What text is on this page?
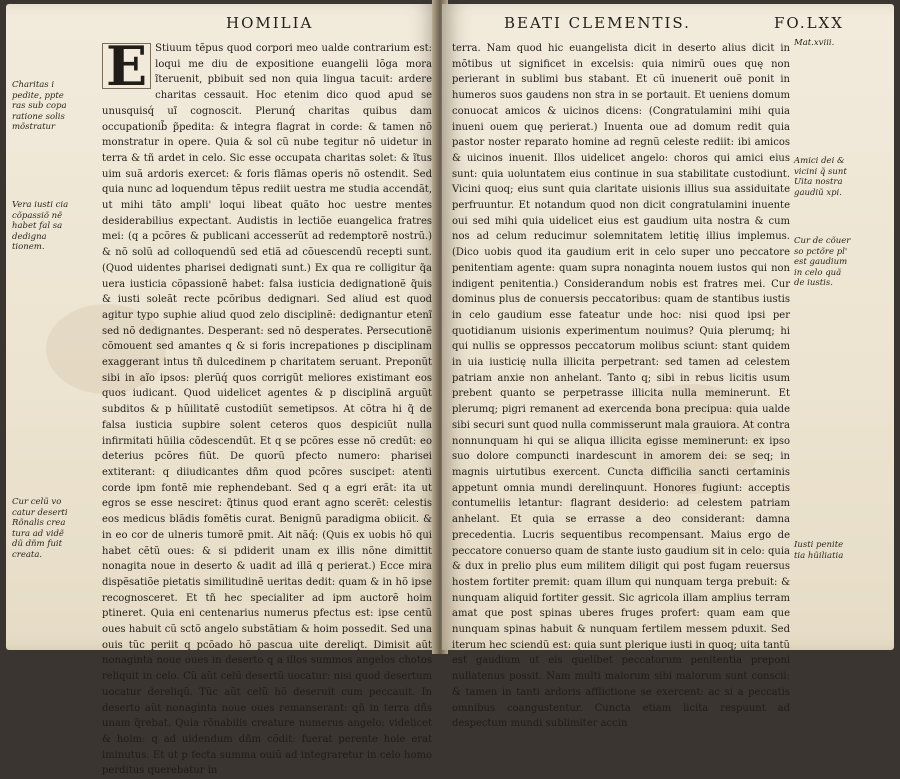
HOMILIA
Charitas i pedite, ppte ras sub copa ratione solis mõstratur
Vera iusti cia cõpassiõ nẽ habet fal sa dedigna tionem.
Cur celũ vo catur deserti Rõnalis crea tura ad vidẽ dũ dñm fuit creata.
E Stiuum tẽpus quod corpori meo ualde contrarium est: loqui me diu de expositione euangelii lõga mora ĩteruenit, pbibuit sed non quia lingua tacuit: ardere charitas cessauit. Hoc etenim dico quod apud se unusquisq́ uĩ cognoscit. Plerunq́ charitas quibus dam occupationib̃ p̃pedita: & integra flagrat in corde: & tamen nõ monstratur in opere. Quia & sol cũ nube tegitur nõ uidetur in terra & tñ ardet in celo. Sic esse occupata charitas solet: & ĩtus uim suã ardoris exercet: & foris flãmas operis nõ ostendit. Sed quia nunc ad loquendum tẽpus rediit uestra me studia accendãt, ut mihi tãto ampli' loqui libeat quãto hoc uestre mentes desiderabilius expectant. Audistis in lectiõe euangelica fratres mei: (q a pcõres & publicani accesserũt ad redemptorẽ nostrũ.) & nõ solũ ad colloquendũ sed etiã ad cõuescendũ recepti sunt. (Quod uidentes pharisei dedignati sunt.) Ex qua re colligitur q̃a uera iusticia cõpassionẽ habet: falsa iusticia dedignationẽ q̃uis & iusti soleãt recte pcõribus dedignari. Sed aliud est quod agitur typo suphie aliud quod zelo disciplinẽ: dedignantur etenĩ sed nõ dedignantes. Desperant: sed nõ desperates. Persecutionẽ cõmouent sed amantes q & si foris increpationes p disciplinam exaggerant intus tñ dulcedinem p charitatem seruant. Preponũt sibi in aĩo ipsos: plerũq́ quos corrigũt meliores existimant eos quos iudicant. Quod uidelicet agentes & p disciplinã arguũt subditos & p hũilitatẽ custodiũt semetipsos. At cõtra hi q̃ de falsa iusticia supbire solent ceteros quos despiciũt nulla infirmitati hũilia cõdescendũt. Et q se pcõres esse nõ credũt: eo deterius pcõres fiũt. De quorũ pfecto numero: pharisei extiterant: q diiudicantes dñm quod pcõres suscipet: atenti corde ipm fontẽ mie rephendebant. Sed q a egri erãt: ita ut egros se esse nesciret: q̃tinus quod erant agno scerẽt: celestis eos medicus blãdis fomẽtis curat. Benignũ paradigma obiicit. & in eo cor de ulneris tumorẽ pmit. Ait nãq́: (Quis ex uobis hõ qui habet cẽtũ oues: & si pdiderit unam ex illis nõne dimittit nonagita noue in deserto & uadit ad illã q perierat.) Ecce mira dispẽsatiõe pietatis similitudinẽ ueritas dedit: quam & in hõ ipse recognosceret. Et tñ hec specialiter ad ipm auctorẽ hoim ptineret. Quia eni centenarius numerus pfectus est: ipse centũ oues habuit cũ sctõ angelo substãtiam & hoim possedit. Sed una ouis tũc periit q pcõado hõ pascua uite dereliqt. Dimisit aũt nonaginta noue oues in deserto q a illos summos angelos chotos reliquit in celo. Cũ aũt celũ desertũ uocatur: nisi quod desertum uocatur dereliqũ. Tũc aũt celũ hõ deseruit cum peccauit. In deserto aũt nonaginta noue oues remanserant: qñ in terra dñs unam q̃rebat. Quia rõnabilis creature numerus angelo: videlicet & hoim: q ad uidendum dñm cõdit: fuerat perente hoie erat iminutus. Et ut p fecta summa ouiũ ad integraretur in celo homo perditus querebatur in

BEATI CLEMENTIS.	FO.LXX

terra. Nam quod hic euangelista dicit in deserto alius dicit in mõtibus ut significet in excelsis: quia nimirũ oues quę non perierant in sublimi bus stabant. Et cũ inuenerit ouẽ ponit in humeros suos gaudens non stra in se portauit. Et ueniens domum conuocat amicos & uicinos dicens: (Congratulamini mihi quia inueni ouem quę perierat.) Inuenta oue ad domum redit quia pastor noster reparato homine ad regnũ celeste rediit: ibi amicos & uicinos inuenit. Illos uidelicet angelo: choros qui amici eius sunt: quia uoluntatem eius continue in sua stabilitate custodiunt. Vicini quoq; eius sunt quia claritate uisionis illius sua assiduitate perfruuntur. Et notandum quod non dicit congratulamini inuente oui sed mihi quia uidelicet eius est gaudium uita nostra & cum nos ad celum reducimur solemnitatem letitię illius implemus. (Dico uobis quod ita gaudium erit in celo super uno peccatore penitentiam agente: quam supra nonaginta nouem iustos qui non indigent penitentia.) Considerandum nobis est fratres mei. Cur dominus plus de conuersis peccatoribus: quam de stantibus iustis in celo gaudium esse fateatur unde hoc: nisi quod ipsi per quotidianum uisionis experimentum nouimus? Quia plerumq; hi qui nullis se oppressos peccatorum molibus sciunt: stant quidem in uia iusticię nulla illicita perpetrant: sed tamen ad celestem patriam anxie non anhelant. Tanto q; sibi in rebus licitis usum prebent quanto se perpetrasse illicita nulla meminerunt. Et plerumq; pigri remanent ad exercenda bona precipua: quia ualde sibi securi sunt quod nulla commisserunt mala grauiora. At contra nonnunquam hi qui se aliqua illicita egisse meminerunt: ex ipso suo dolore compuncti inardescunt in amorem dei: se seq; in magnis uirtutibus exercent. Cuncta difficilia sancti certaminis appetunt omnia mundi derelinquunt. Honores fugiunt: acceptis contumeliis letantur: flagrant desiderio: ad celestem patriam anhelant. Et quia se errasse a deo considerant: damna precedentia. Lucris sequentibus recompensant. Maius ergo de peccatore conuerso quam de stante iusto gaudium sit in celo: quia & dux in prelio plus eum militem diligit qui post fugam reuersus hostem fortiter premit: quam illum qui nunquam terga prebuit: & nunquam aliquid fortiter gessit. Sic agricola illam amplius terram amat que post spinas uberes fruges profert: quam eam que nunquam spinas habuit & nunquam fertilem messem pduxit. Sed iterum hec sciendũ est: quia sunt plerique iusti in quoq; uita tantũ est gaudium ut eis quelibet peccatorum penitentia preponi nullatenus possit. Nam multi malorum sibi malorum sunt conscii: & tamen in tanti ardoris afflictione se exercent: ac si a peccatis omnibus coangustentur. Cuncta etiam licita respuunt ad despectum mundi sublimiter accin

Mat.xviii.
Amici dei & vicini q̃ sunt Uita nostra gaudiũ xpi.
Cur de cõuer so pctõre pl' est gaudium in celo quã de iustis.
Iusti penite tia hũiliatia
